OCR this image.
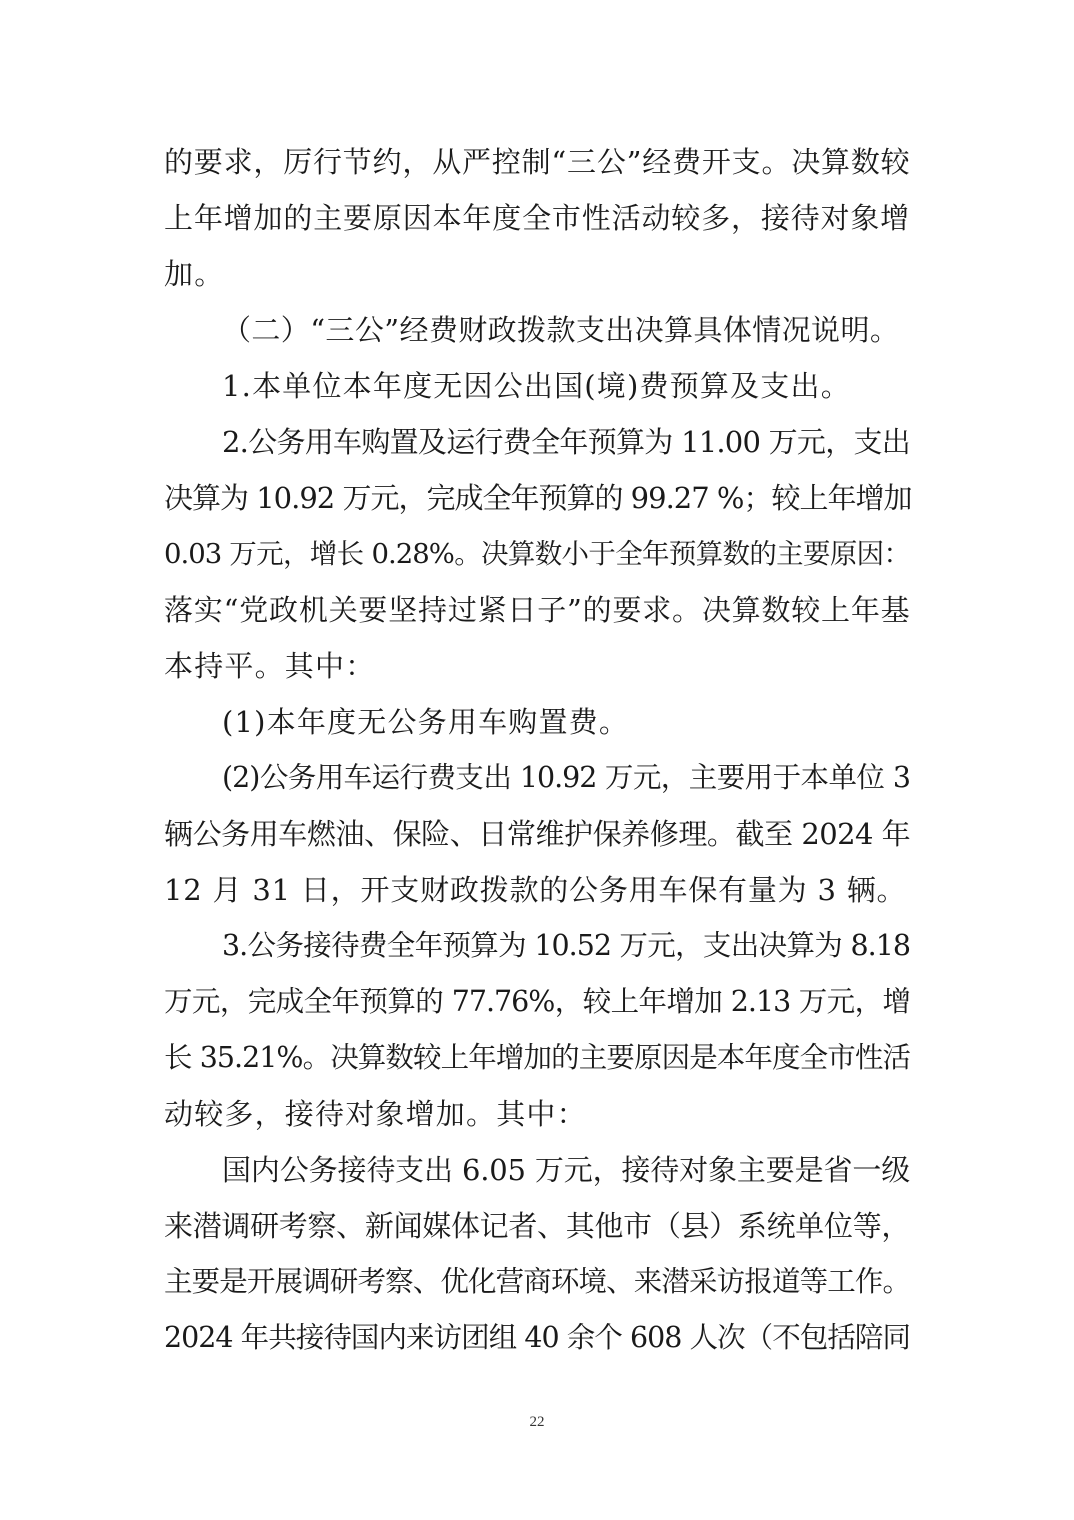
的要求，厉行节约，从严控制“三公”经费开支。决算数较
上年增加的主要原因本年度全市性活动较多，接待对象增
加。
（二）“三公”经费财政拨款支出决算具体情况说明。
1.本单位本年度无因公出国(境)费预算及支出。
2.公务用车购置及运行费全年预算为 11.00 万元，支出
决算为 10.92 万元，完成全年预算的 99.27 %；较上年增加
0.03 万元，增长 0.28%。决算数小于全年预算数的主要原因：
落实“党政机关要坚持过紧日子”的要求。决算数较上年基
本持平。其中：
(1)本年度无公务用车购置费。
(2)公务用车运行费支出 10.92 万元，主要用于本单位 3
辆公务用车燃油、保险、日常维护保养修理。截至 2024 年
12 月 31 日，开支财政拨款的公务用车保有量为 3 辆。
3.公务接待费全年预算为 10.52 万元，支出决算为 8.18
万元，完成全年预算的 77.76%，较上年增加 2.13 万元，增
长 35.21%。决算数较上年增加的主要原因是本年度全市性活
动较多，接待对象增加。其中：
国内公务接待支出 6.05 万元，接待对象主要是省一级
来潜调研考察、新闻媒体记者、其他市（县）系统单位等，
主要是开展调研考察、优化营商环境、来潜采访报道等工作。
2024 年共接待国内来访团组 40 余个 608 人次（不包括陪同
22
